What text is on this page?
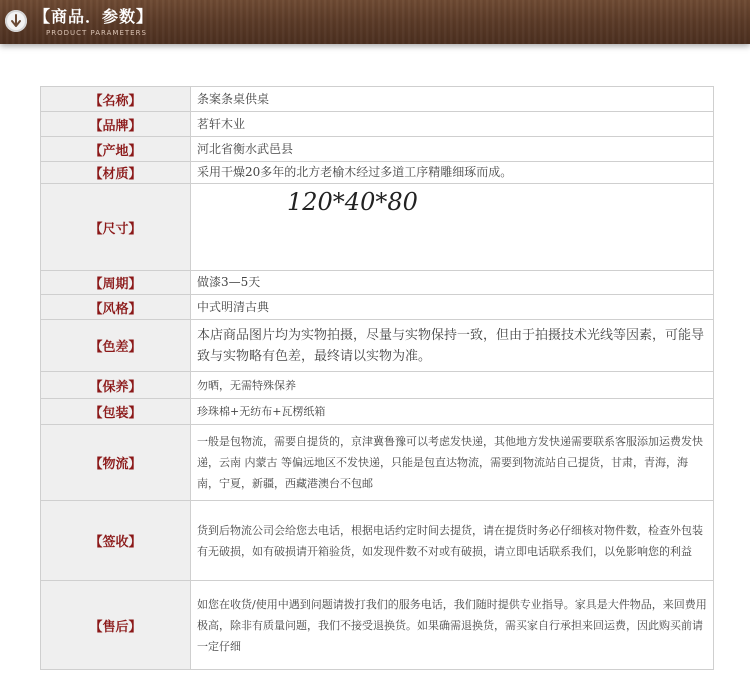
【商品．参数】
PRODUCT PARAMETERS
【名称】	条案条桌供桌
【品牌】	茗轩木业
【产地】	河北省衡水武邑县
【材质】	采用干燥20多年的北方老榆木经过多道工序精雕细琢而成。
【尺寸】
120*40*80
【周期】	做漆3—5天
【风格】	中式明清古典
【色差】
本店商品图片均为实物拍摄，尽量与实物保持一致，但由于拍摄技术光线等因素，可能导致与实物略有色差，最终请以实物为准。
【保养】	勿晒，无需特殊保养
【包装】	珍珠棉+无纺布+瓦楞纸箱
【物流】
一般是包物流，需要自提货的，京津冀鲁豫可以考虑发快递，其他地方发快递需要联系客服添加运费发快递，云南 内蒙古 等偏远地区不发快递，只能是包直达物流，需要到物流站自己提货，甘肃，青海，海南，宁夏，新疆，西藏港澳台不包邮
【签收】
货到后物流公司会给您去电话，根据电话约定时间去提货，请在提货时务必仔细核对物件数，检查外包装有无破损，如有破损请开箱验货，如发现件数不对或有破损，请立即电话联系我们，以免影响您的利益
【售后】
如您在收货/使用中遇到问题请拨打我们的服务电话，我们随时提供专业指导。家具是大件物品，来回费用极高，除非有质量问题，我们不接受退换货。如果确需退换货，需买家自行承担来回运费，因此购买前请一定仔细
